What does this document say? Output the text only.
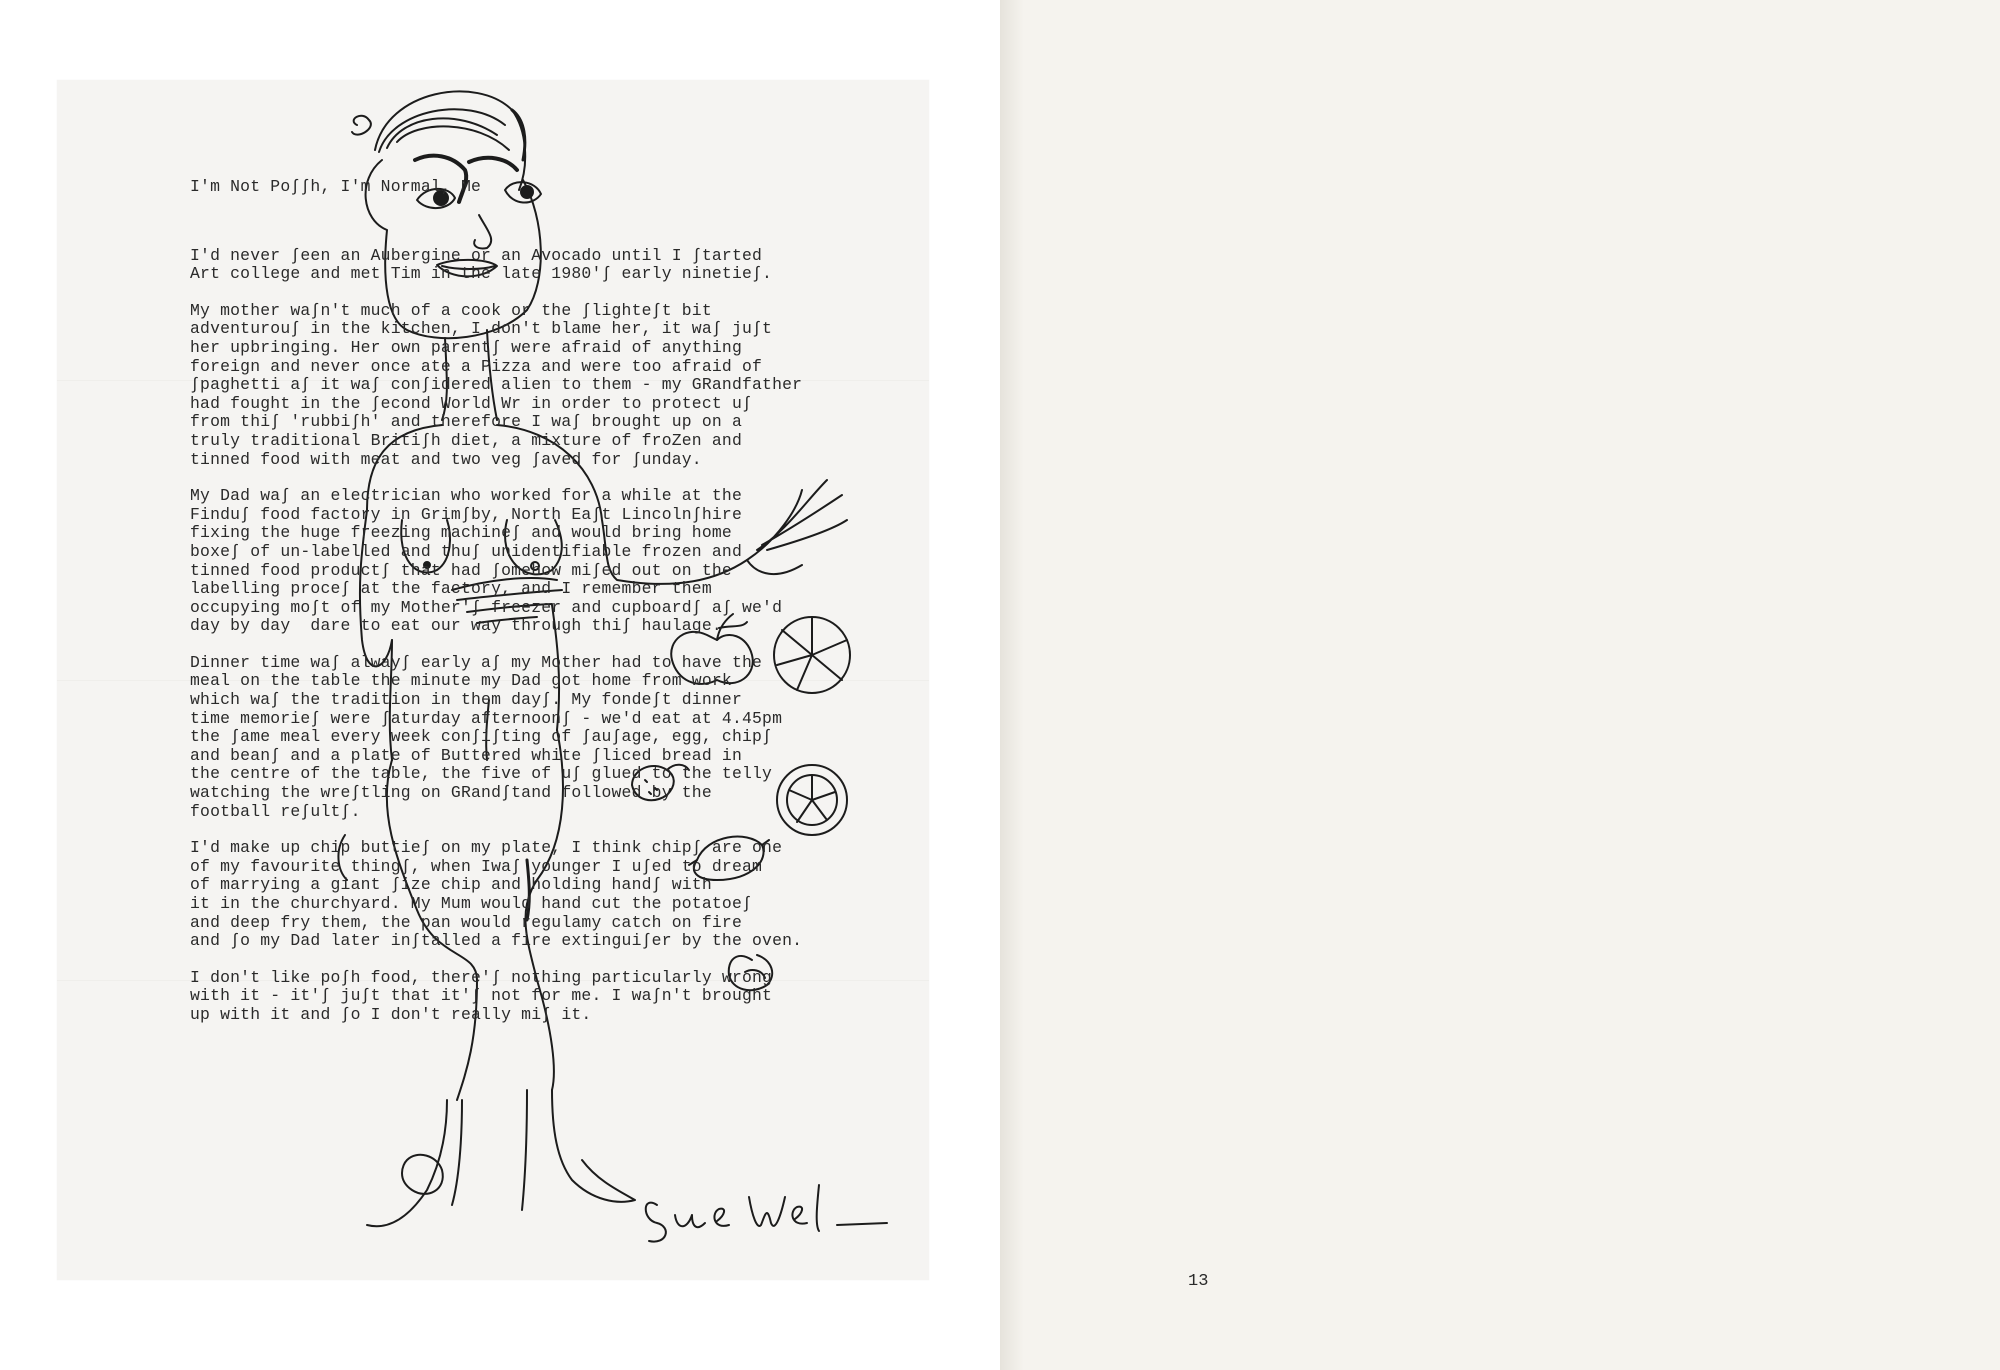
I'm Not Po∫∫h, I'm Normal, Me
I'd never ∫een an Aubergine or an Avocado until I ∫tarted
Art college and met Tim in the late 1980'∫ early ninetie∫.
My mother wa∫n't much of a cook or the ∫lighte∫t bit
adventurou∫ in the kitchen, I don't blame her, it wa∫ ju∫t
her upbringing. Her own parent∫ were afraid of anything
foreign and never once ate a Pizza and were too afraid of
∫paghetti a∫ it wa∫ con∫idered alien to them - my GRandfather
had fought in the ∫econd World Wr in order to protect u∫
from thi∫ 'rubbi∫h' and therefore I wa∫ brought up on a
truly traditional Briti∫h diet, a mixture of froZen and
tinned food with meat and two veg ∫aved for ∫unday.
My Dad wa∫ an electrician who worked for a while at the
Findu∫ food factory in Grim∫by, North Ea∫t Lincoln∫hire
fixing the huge freezing machine∫ and would bring home
boxe∫ of un-labelled and thu∫ unidentifiable frozen and
tinned food product∫ that had ∫omehow mi∫ed out on the
labelling proce∫ at the factory, and I remember them
occupying mo∫t of my Mother'∫ freezer and cupboard∫ a∫ we'd
day by day  dare to eat our way through thi∫ haulage.
Dinner time wa∫ alway∫ early a∫ my Mother had to have the
meal on the table the minute my Dad got home from work
which wa∫ the tradition in them day∫. My fonde∫t dinner
time memorie∫ were ∫aturday afternoon∫ - we'd eat at 4.45pm
the ∫ame meal every week con∫i∫ting of ∫au∫age, egg, chip∫
and bean∫ and a plate of Buttered white ∫liced bread in
the centre of the table, the five of u∫ glued to the telly
watching the wre∫tling on GRand∫tand followed by the
football re∫ult∫.
I'd make up chip buttie∫ on my plate, I think chip∫ are one
of my favourite thing∫, when Iwa∫ younger I u∫ed to dream
of marrying a giant ∫ize chip and holding hand∫ with
it in the churchyard. My Mum would hand cut the potatoe∫
and deep fry them, the pan would regulamy catch on fire
and ∫o my Dad later in∫talled a fire extingui∫er by the oven.
I don't like po∫h food, there'∫ nothing particularly wrong
with it - it'∫ ju∫t that it'∫ not for me. I wa∫n't brought
up with it and ∫o I don't really mi∫ it.
13
